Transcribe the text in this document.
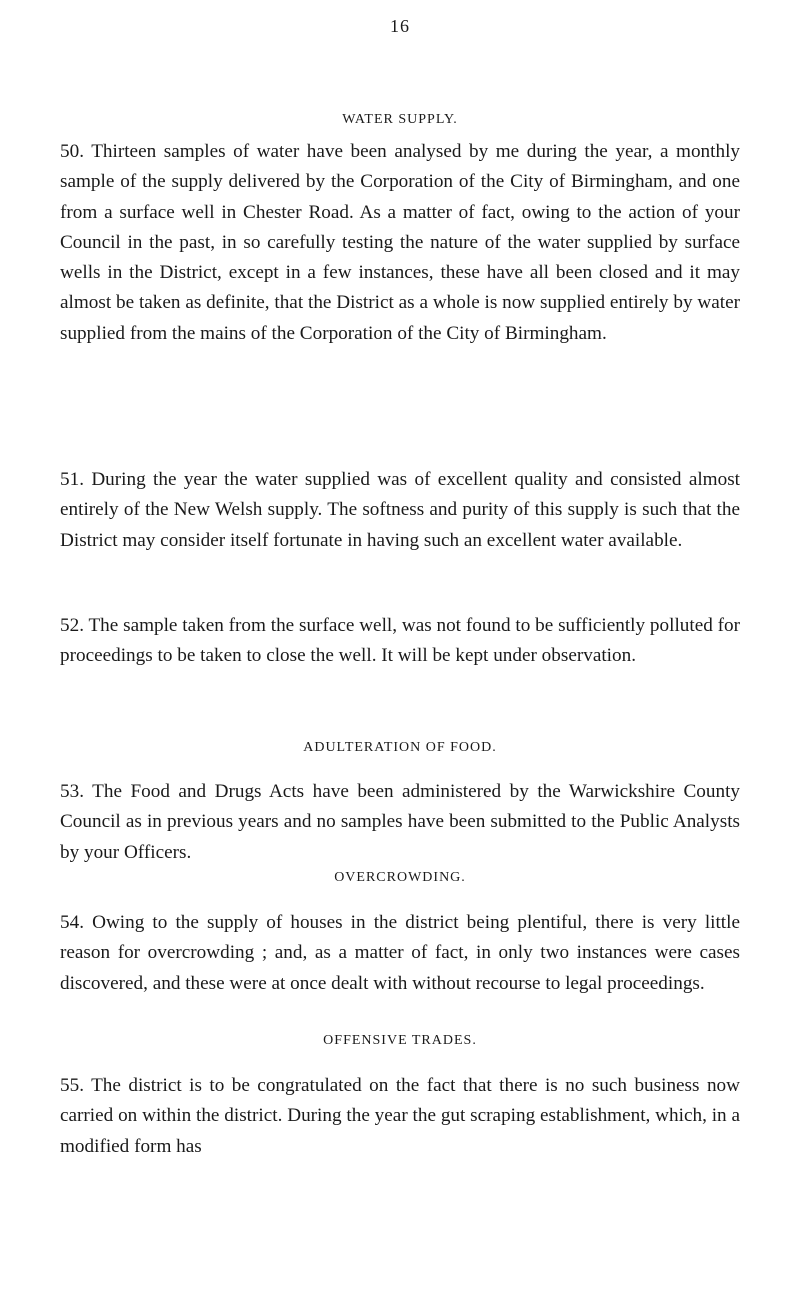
16
WATER SUPPLY.

50. Thirteen samples of water have been analysed by me during the year, a monthly sample of the supply delivered by the Corporation of the City of Birmingham, and one from a surface well in Chester Road. As a matter of fact, owing to the action of your Council in the past, in so carefully testing the nature of the water supplied by surface wells in the District, except in a few instances, these have all been closed and it may almost be taken as definite, that the District as a whole is now supplied entirely by water supplied from the mains of the Corporation of the City of Birmingham.

51. During the year the water supplied was of excellent quality and consisted almost entirely of the New Welsh supply. The softness and purity of this supply is such that the District may consider itself fortunate in having such an excellent water available.

52. The sample taken from the surface well, was not found to be sufficiently polluted for proceedings to be taken to close the well. It will be kept under observation.

ADULTERATION OF FOOD.

53. The Food and Drugs Acts have been administered by the Warwickshire County Council as in previous years and no samples have been submitted to the Public Analysts by your Officers.

OVERCROWDING.

54. Owing to the supply of houses in the district being plentiful, there is very little reason for overcrowding ; and, as a matter of fact, in only two instances were cases discovered, and these were at once dealt with without recourse to legal proceedings.

OFFENSIVE TRADES.

55. The district is to be congratulated on the fact that there is no such business now carried on within the district. During the year the gut scraping establishment, which, in a modified form has
